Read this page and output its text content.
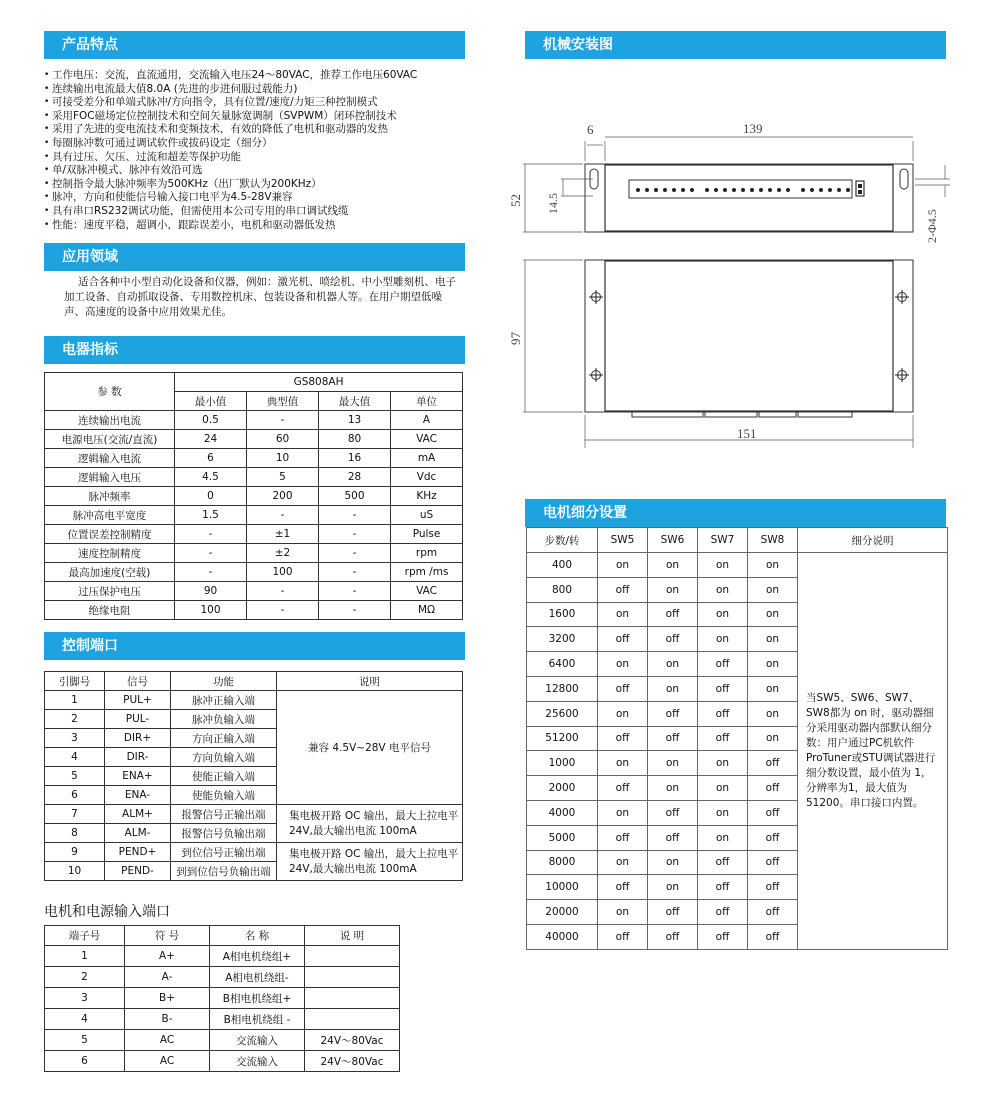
产品特点
• 工作电压：交流，直流通用，交流输入电压24～80VAC，推荐工作电压60VAC
• 连续输出电流最大值8.0A (先进的步进伺服过载能力)
• 可接受差分和单端式脉冲/方向指令，具有位置/速度/力矩三种控制模式
• 采用FOC磁场定位控制技术和空间矢量脉宽调制（SVPWM）闭环控制技术
• 采用了先进的变电流技术和变频技术，有效的降低了电机和驱动器的发热
• 每圈脉冲数可通过调试软件或拔码设定（细分）
• 具有过压、欠压、过流和超差等保护功能
• 单/双脉冲模式、脉冲有效沿可选
• 控制指令最大脉冲频率为500KHz（出厂默认为200KHz）
• 脉冲，方向和使能信号输入接口电平为4.5-28V兼容
• 具有串口RS232调试功能，但需使用本公司专用的串口调试线缆
• 性能：速度平稳，超调小，跟踪误差小，电机和驱动器低发热
应用领域

适合各种中小型自动化设备和仪器，例如：激光机、喷绘机、中小型雕刻机、电子加工设备、自动抓取设备、专用数控机床、包装设备和机器人等。在用户期望低噪声、高速度的设备中应用效果尤佳。

电器指标
参 数	GS808AH			
	最小值	典型值	最大值	单位
连续输出电流	0.5	-	13	A
电源电压(交流/直流)	24	60	80	VAC
逻辑输入电流	6	10	16	mA
逻辑输入电压	4.5	5	28	Vdc
脉冲频率	0	200	500	KHz
脉冲高电平宽度	1.5	-	-	uS
位置误差控制精度	-	±1	-	Pulse
速度控制精度	-	±2	-	rpm
最高加速度(空载)	-	100	-	rpm /ms
过压保护电压	90	-	-	VAC
绝缘电阻	100	-	-	MΩ
控制端口
引脚号	信号	功能	说明
1	PUL+	脉冲正输入端	兼容 4.5V~28V 电平信号
2	PUL-	脉冲负输入端	
3	DIR+	方向正输入端	
4	DIR-	方向负输入端	
5	ENA+	使能正输入端	
6	ENA-	使能负输入端	
7	ALM+	报警信号正输出端	集电极开路 OC 输出，最大上拉电平 24V,最大输出电流 100mA
8	ALM-	报警信号负输出端	
9	PEND+	到位信号正输出端	集电极开路 OC 输出，最大上拉电平 24V,最大输出电流 100mA
10	PEND-	到到位信号负输出端	
电机和电源输入端口
端子号	符 号	名 称	说 明
1	A+	A相电机绕组+	
2	A-	A相电机绕组-	
3	B+	B相电机绕组+	
4	B-	B相电机绕组 -	
5	AC	交流输入	24V～80Vac
6	AC	交流输入	24V～80Vac
机械安装图
6	139
52 14.5
2-Φ4.5
97
151
电机细分设置
步数/转	SW5	SW6	SW7	SW8	细分说明
400	on	on	on	on	当SW5、SW6、SW7、SW8都为 on 时，驱动器细分采用驱动器内部默认细分数：用户通过PC机软件ProTuner或STU调试器进行细分数设置，最小值为 1，分辨率为1，最大值为51200。串口接口内置。
800	off	on	on	on	
1600	on	off	on	on	
3200	off	off	on	on	
6400	on	on	off	on	
12800	off	on	off	on	
25600	on	off	off	on	
51200	off	off	off	on	
1000	on	on	on	off	
2000	off	on	on	off	
4000	on	off	on	off	
5000	off	off	on	off	
8000	on	on	off	off	
10000	off	on	off	off	
20000	on	off	off	off	
40000	off	off	off	off	
